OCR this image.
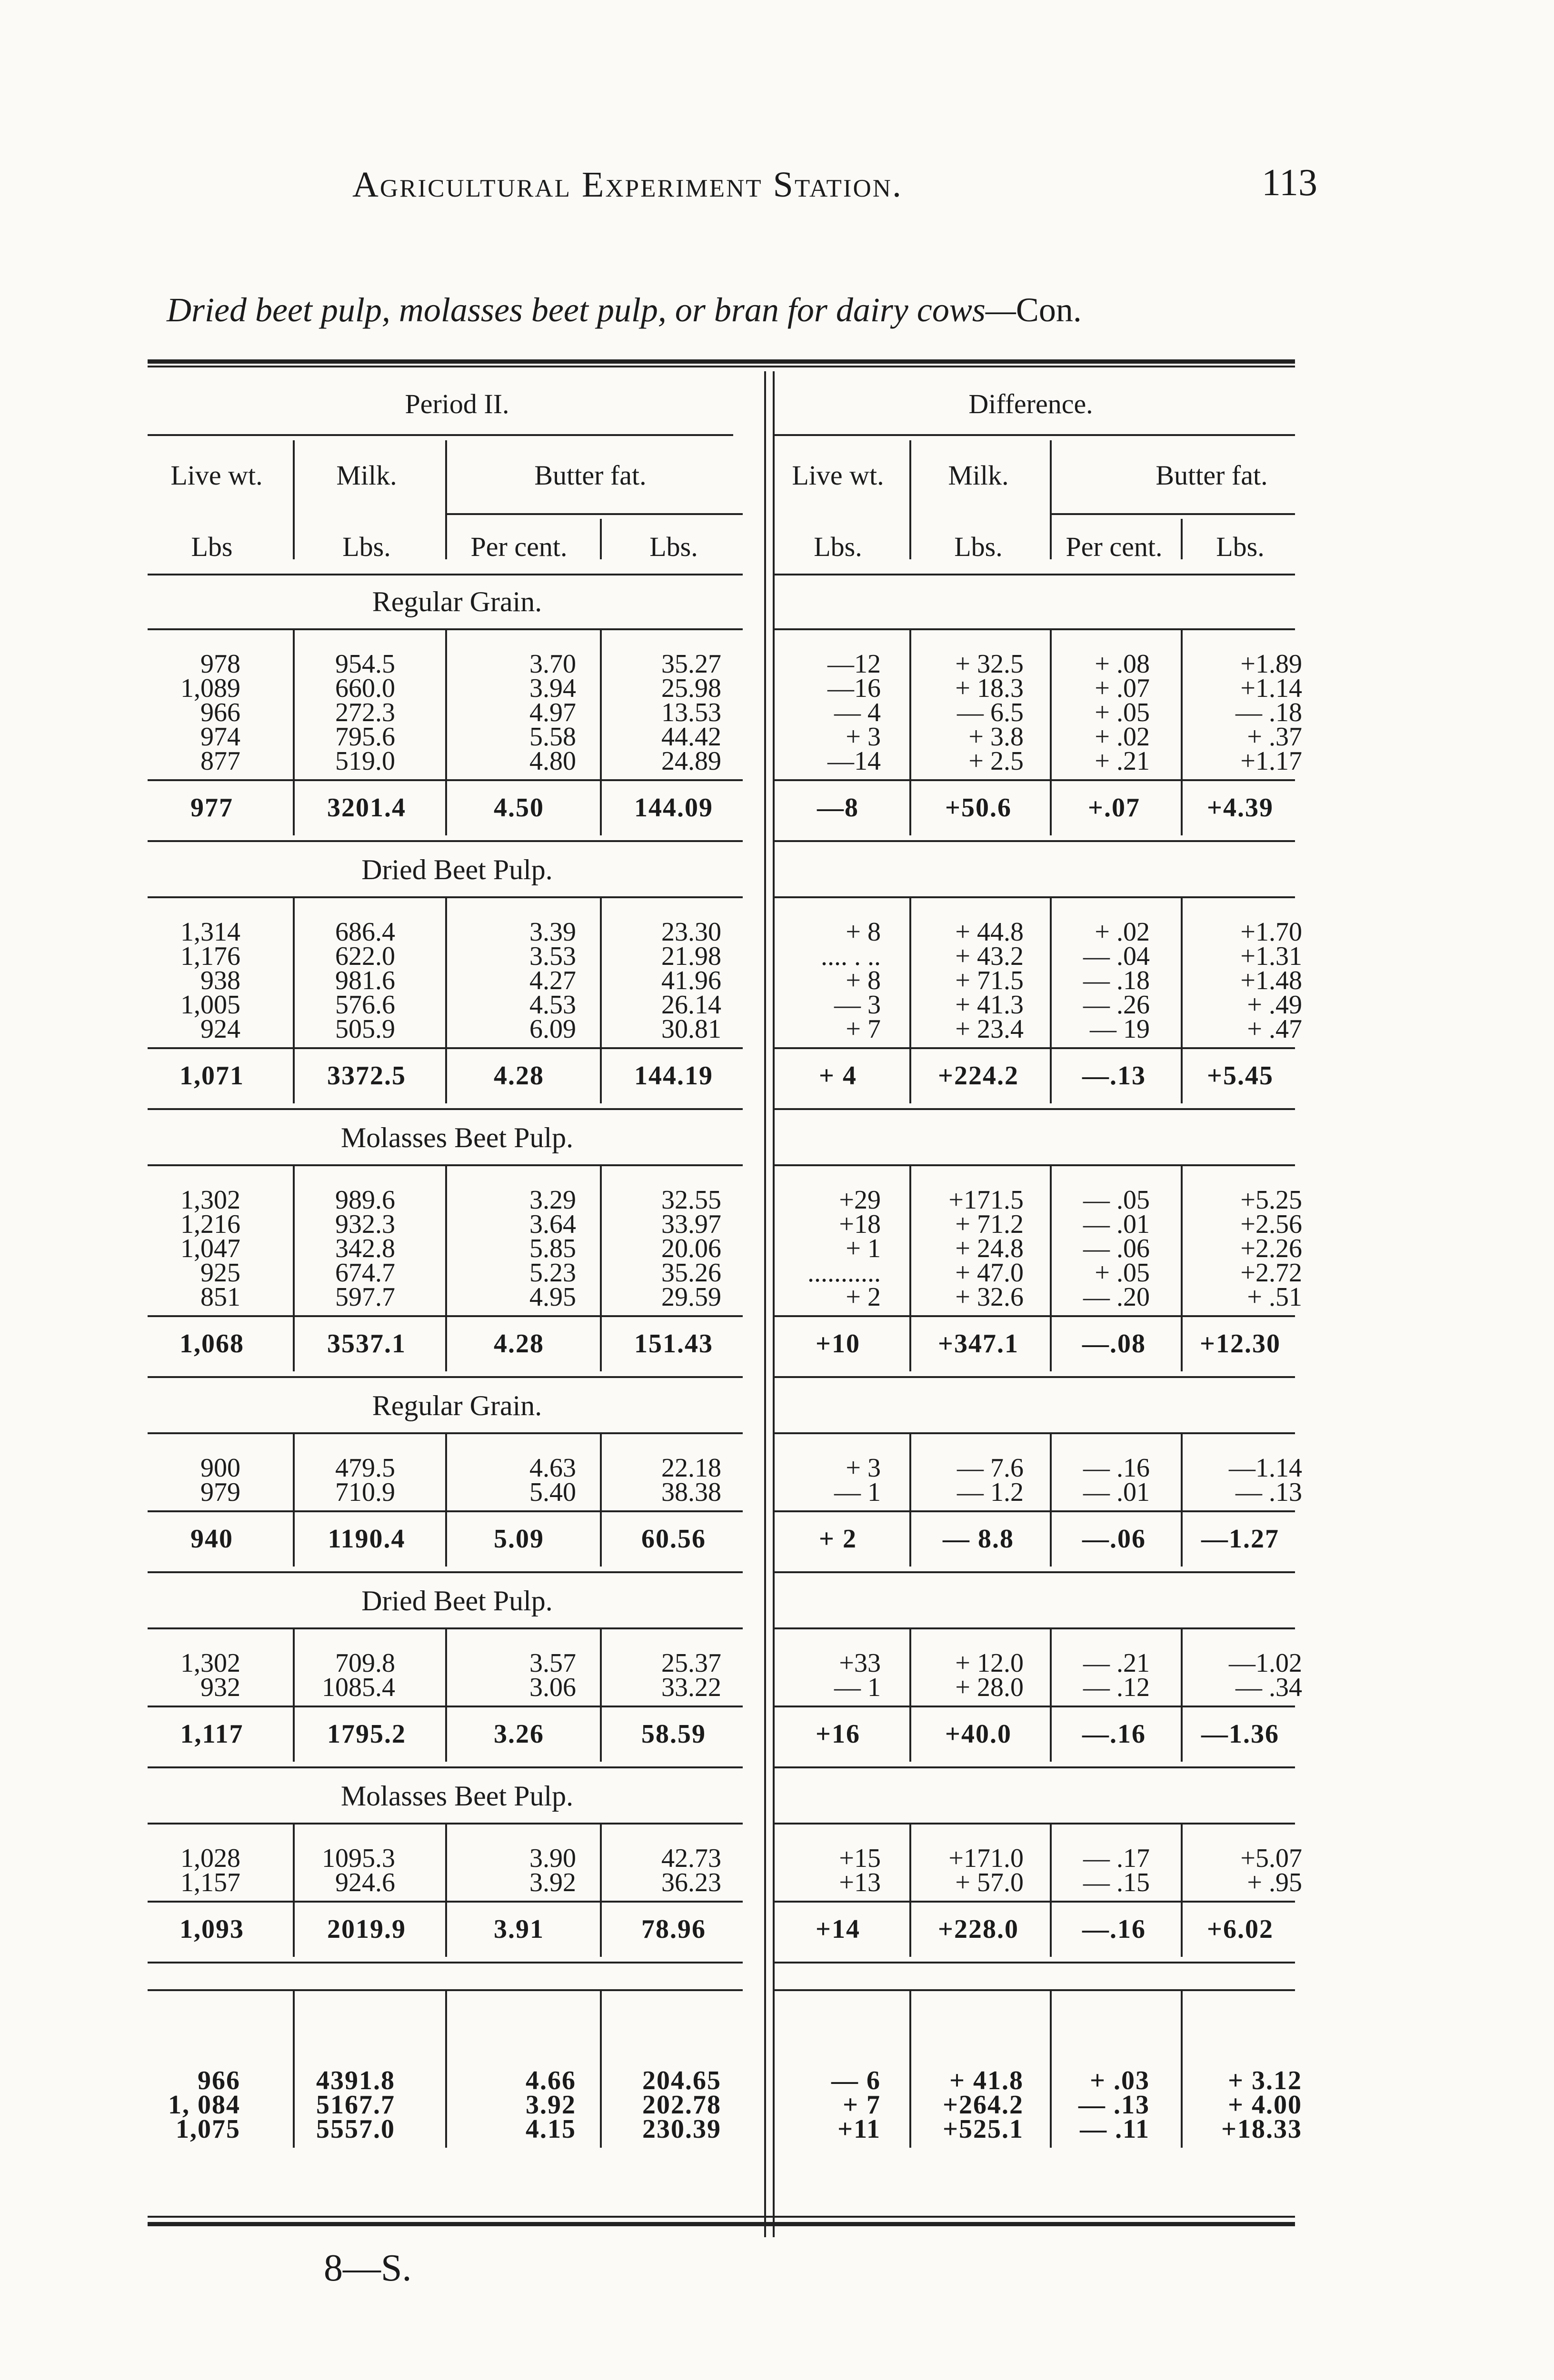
Agricultural Experiment Station.	113
Dried beet pulp, molasses beet pulp, or bran for dairy cows—Con.
Period II.	Difference.
Live wt.	Milk.	Butter fat.	Live wt.	Milk.	Butter fat.
Lbs	Lbs.	Per cent.	Lbs.	Lbs.	Lbs.	Per cent.	Lbs.
Regular Grain.
978	954.5	3.70	35.27	—12	+ 32.5	+ .08	+1.89
1,089	660.0	3.94	25.98	—16	+ 18.3	+ .07	+1.14
966	272.3	4.97	13.53	— 4	— 6.5	+ .05	— .18
974	795.6	5.58	44.42	+ 3	+ 3.8	+ .02	+ .37
877	519.0	4.80	24.89	—14	+ 2.5	+ .21	+1.17
977	3201.4	4.50	144.09	—8	+50.6	+.07	+4.39
Dried Beet Pulp.
1,314	686.4	3.39	23.30	+ 8	+ 44.8	+ .02	+1.70
1,176	622.0	3.53	21.98	.... . ..	+ 43.2	— .04	+1.31
938	981.6	4.27	41.96	+ 8	+ 71.5	— .18	+1.48
1,005	576.6	4.53	26.14	— 3	+ 41.3	— .26	+ .49
924	505.9	6.09	30.81	+ 7	+ 23.4	— 19	+ .47
1,071	3372.5	4.28	144.19	+ 4	+224.2	—.13	+5.45
Molasses Beet Pulp.
1,302	989.6	3.29	32.55	+29	+171.5	— .05	+5.25
1,216	932.3	3.64	33.97	+18	+ 71.2	— .01	+2.56
1,047	342.8	5.85	20.06	+ 1	+ 24.8	— .06	+2.26
925	674.7	5.23	35.26	...........	+ 47.0	+ .05	+2.72
851	597.7	4.95	29.59	+ 2	+ 32.6	— .20	+ .51
1,068	3537.1	4.28	151.43	+10	+347.1	—.08	+12.30
Regular Grain.
900	479.5	4.63	22.18	+ 3	— 7.6	— .16	—1.14
979	710.9	5.40	38.38	— 1	— 1.2	— .01	— .13
940	1190.4	5.09	60.56	+ 2	— 8.8	—.06	—1.27
Dried Beet Pulp.
1,302	709.8	3.57	25.37	+33	+ 12.0	— .21	—1.02
932	1085.4	3.06	33.22	— 1	+ 28.0	— .12	— .34
1,117	1795.2	3.26	58.59	+16	+40.0	—.16	—1.36
Molasses Beet Pulp.
1,028	1095.3	3.90	42.73	+15	+171.0	— .17	+5.07
1,157	924.6	3.92	36.23	+13	+ 57.0	— .15	+ .95
1,093	2019.9	3.91	78.96	+14	+228.0	—.16	+6.02
966	4391.8	4.66	204.65	— 6	+ 41.8	+ .03	+ 3.12
1, 084	5167.7	3.92	202.78	+ 7	+264.2	— .13	+ 4.00
1,075	5557.0	4.15	230.39	+11	+525.1	— .11	+18.33
8—S.
